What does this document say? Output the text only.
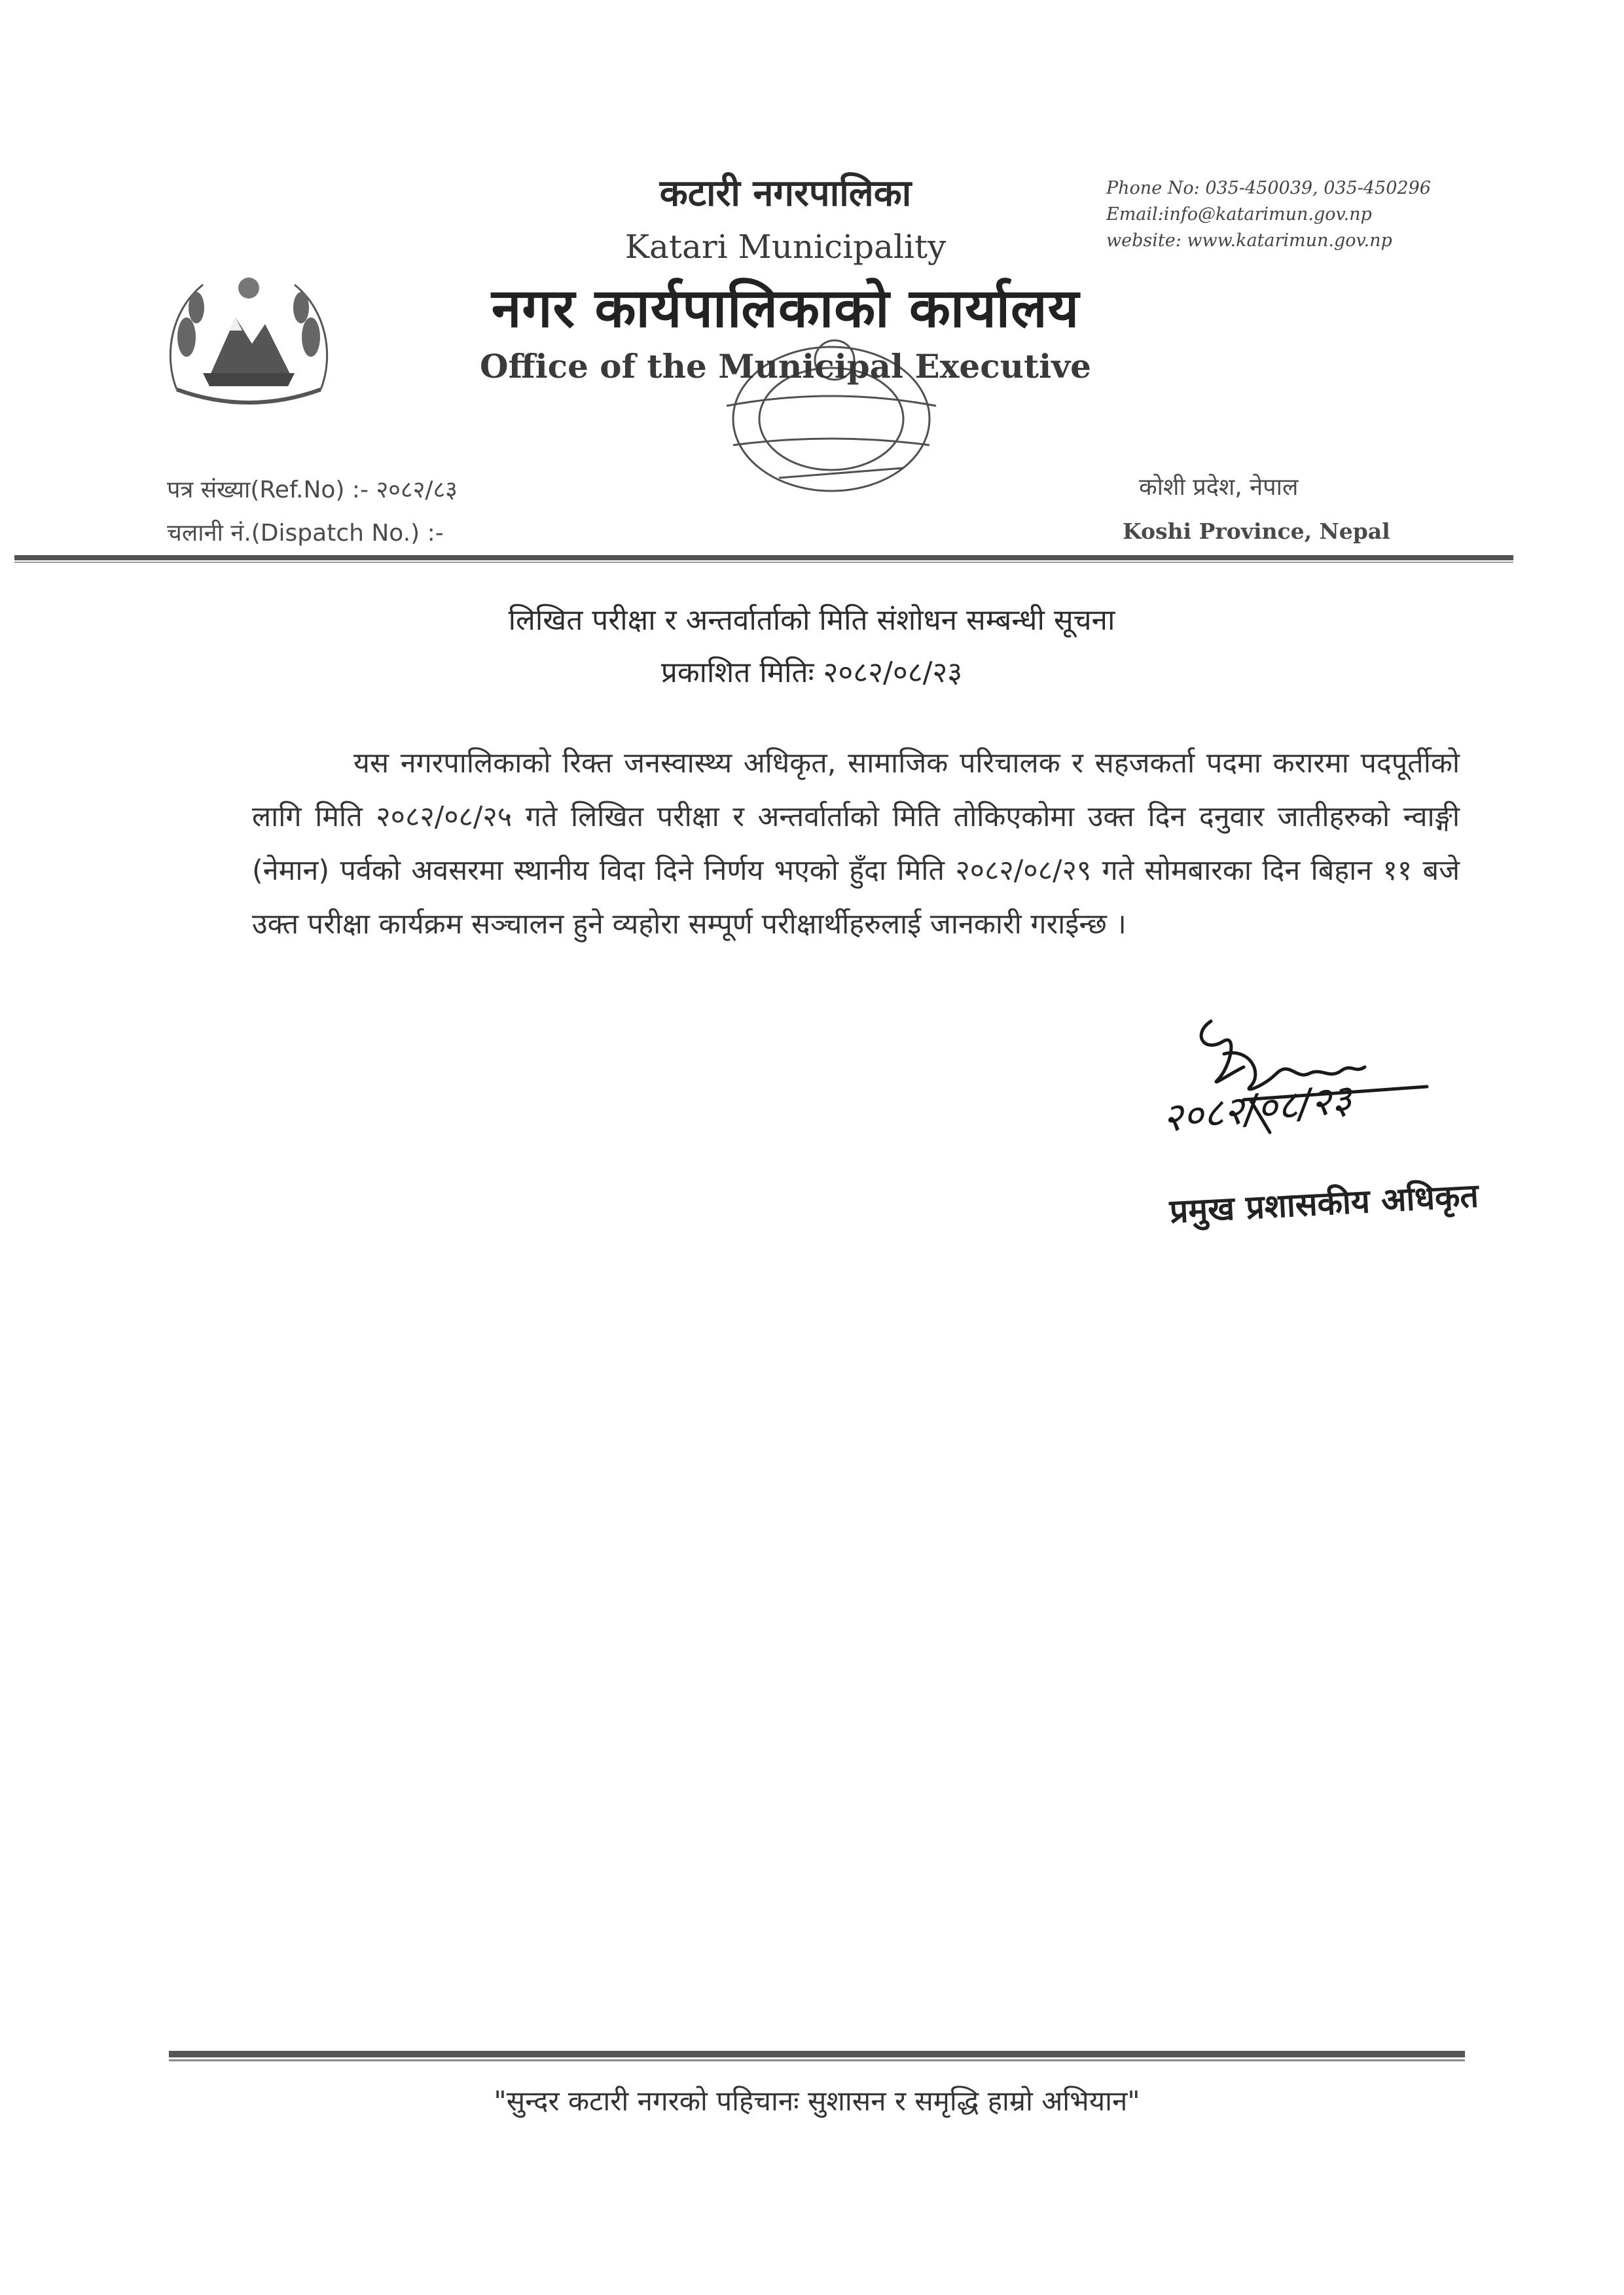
कटारी नगरपालिका
Katari Municipality
नगर कार्यपालिकाको कार्यालय
Office of the Municipal Executive
Phone No: 035-450039, 035-450296
Email:info@katarimun.gov.np
website: www.katarimun.gov.np
पत्र संख्या(Ref.No) :- २०८२/८३
चलानी नं.(Dispatch No.) :-
कोशी प्रदेश, नेपाल
Koshi Province, Nepal
लिखित परीक्षा र अन्तर्वार्ताको मिति संशोधन सम्बन्धी सूचना
प्रकाशित मितिः २०८२/०८/२३
यस नगरपालिकाको रिक्त जनस्वास्थ्य अधिकृत, सामाजिक परिचालक र सहजकर्ता पदमा करारमा पदपूर्तीको लागि मिति २०८२/०८/२५ गते लिखित परीक्षा र अन्तर्वार्ताको मिति तोकिएकोमा उक्त दिन दनुवार जातीहरुको न्वाङ्गी (नेमान) पर्वको अवसरमा स्थानीय विदा दिने निर्णय भएको हुँदा मिति २०८२/०८/२९ गते सोमबारका दिन बिहान ११ बजे उक्त परीक्षा कार्यक्रम सञ्चालन हुने व्यहोरा सम्पूर्ण परीक्षार्थीहरुलाई जानकारी गराईन्छ ।
२०८२/०८/२३
प्रमुख प्रशासकीय अधिकृत
"सुन्दर कटारी नगरको पहिचानः सुशासन र समृद्धि हाम्रो अभियान"
